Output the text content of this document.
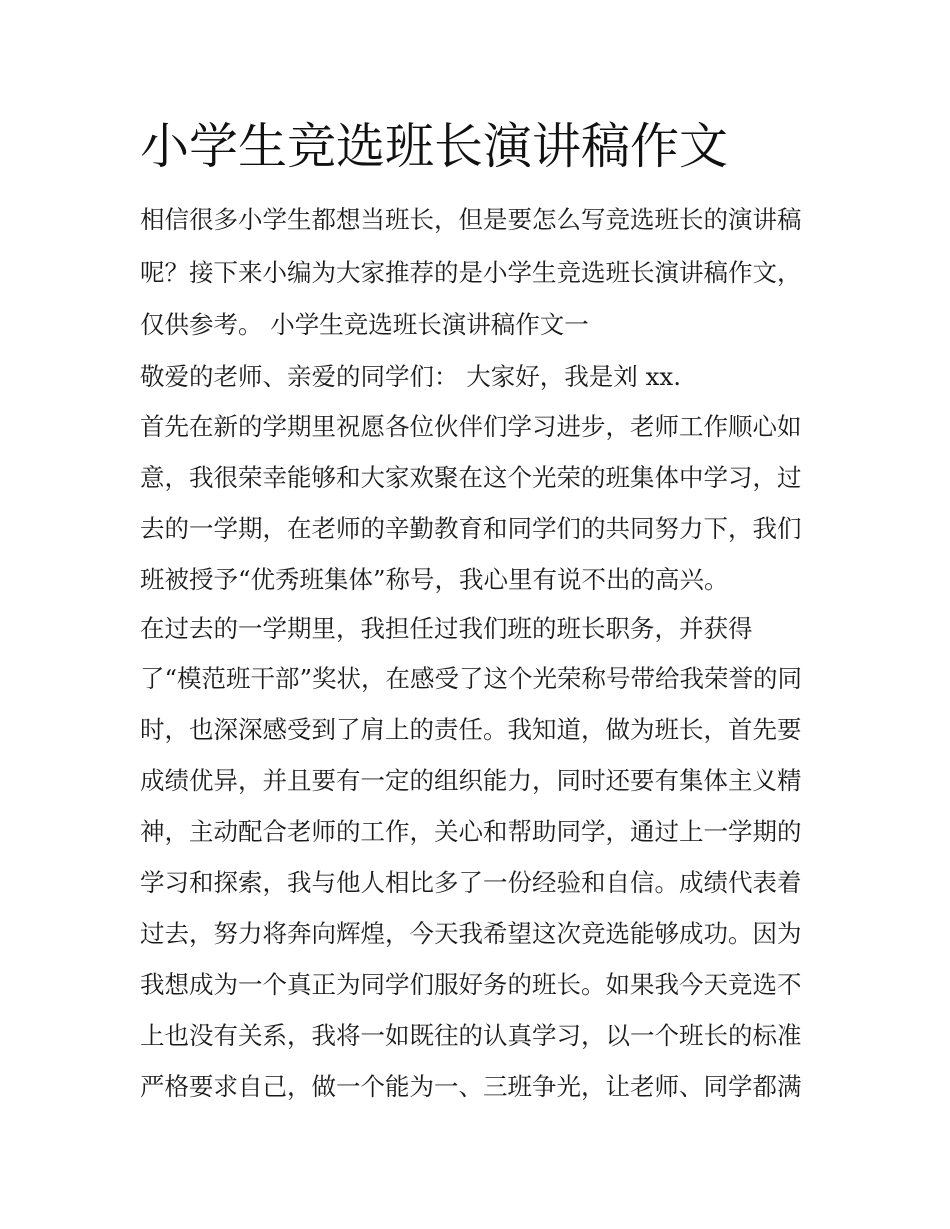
小学生竞选班长演讲稿作文

相信很多小学生都想当班长，但是要怎么写竞选班长的演讲稿

呢？接下来小编为大家推荐的是小学生竞选班长演讲稿作文，

仅供参考。 小学生竞选班长演讲稿作文一

敬爱的老师、亲爱的同学们： 大家好，我是刘 xx.

首先在新的学期里祝愿各位伙伴们学习进步，老师工作顺心如

意，我很荣幸能够和大家欢聚在这个光荣的班集体中学习，过

去的一学期，在老师的辛勤教育和同学们的共同努力下，我们

班被授予“优秀班集体”称号，我心里有说不出的高兴。

在过去的一学期里，我担任过我们班的班长职务，并获得

了“模范班干部”奖状，在感受了这个光荣称号带给我荣誉的同

时，也深深感受到了肩上的责任。我知道，做为班长，首先要

成绩优异，并且要有一定的组织能力，同时还要有集体主义精

神，主动配合老师的工作，关心和帮助同学，通过上一学期的

学习和探索，我与他人相比多了一份经验和自信。成绩代表着

过去，努力将奔向辉煌，今天我希望这次竞选能够成功。因为

我想成为一个真正为同学们服好务的班长。如果我今天竞选不

上也没有关系，我将一如既往的认真学习，以一个班长的标准

严格要求自己，做一个能为一、三班争光，让老师、同学都满
